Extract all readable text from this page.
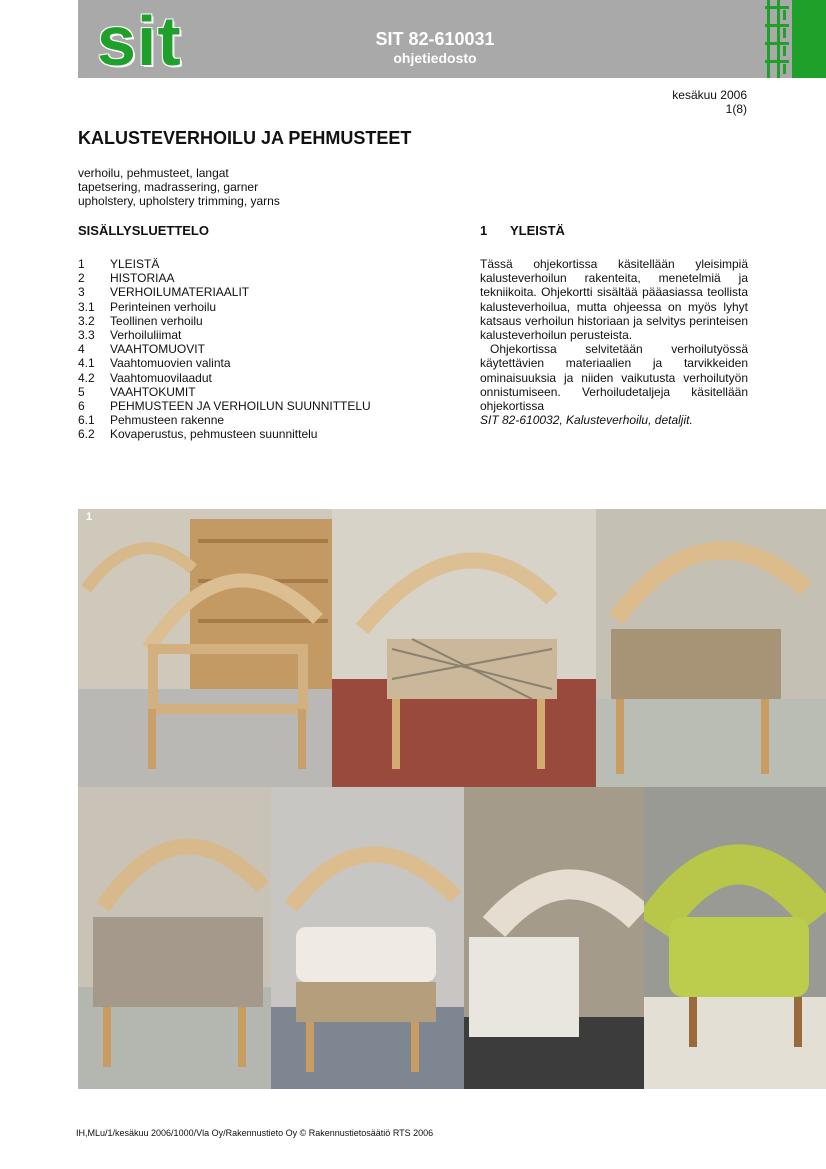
sit	SIT 82-610031
ohjetiedosto
kesäkuu 2006
1(8)
KALUSTEVERHOILU JA PEHMUSTEET
verhoilu, pehmusteet, langat
tapetsering, madrassering, garner
upholstery, upholstery trimming, yarns
SISÄLLYSLUETTELO	1 YLEISTÄ
1	YLEISTÄ
2	HISTORIAA
3	VERHOILUMATERIAALIT
3.1	Perinteinen verhoilu
3.2	Teollinen verhoilu
3.3	Verhoiluliimat
4	VAAHTOMUOVIT
4.1	Vaahtomuovien valinta
4.2	Vaahtomuovilaadut
5	VAAHTOKUMIT
6	PEHMUSTEEN JA VERHOILUN SUUNNITTELU
6.1	Pehmusteen rakenne
6.2	Kovaperustus, pehmusteen suunnittelu

Tässä ohjekortissa käsitellään yleisimpiä kalusteverhoilun rakenteita, menetelmiä ja tekniikoita. Ohjekortti sisältää pääasiassa teollista kalusteverhoilua, mutta ohjeessa on myös lyhyt katsaus verhoilun historiaan ja selvitys perinteisen kalusteverhoilun perusteista.

Ohjekortissa selvitetään verhoilutyössä käytettävien materiaalien ja tarvikkeiden ominaisuuksia ja niiden vaikutusta verhoilutyön onnistumiseen. Verhoiludetaljeja käsitellään ohjekortissa
SIT 82-610032, Kalusteverhoilu, detaljit.

1
IH,MLu/1/kesäkuu 2006/1000/Vla Oy/Rakennustieto Oy © Rakennustietosäätiö RTS 2006
